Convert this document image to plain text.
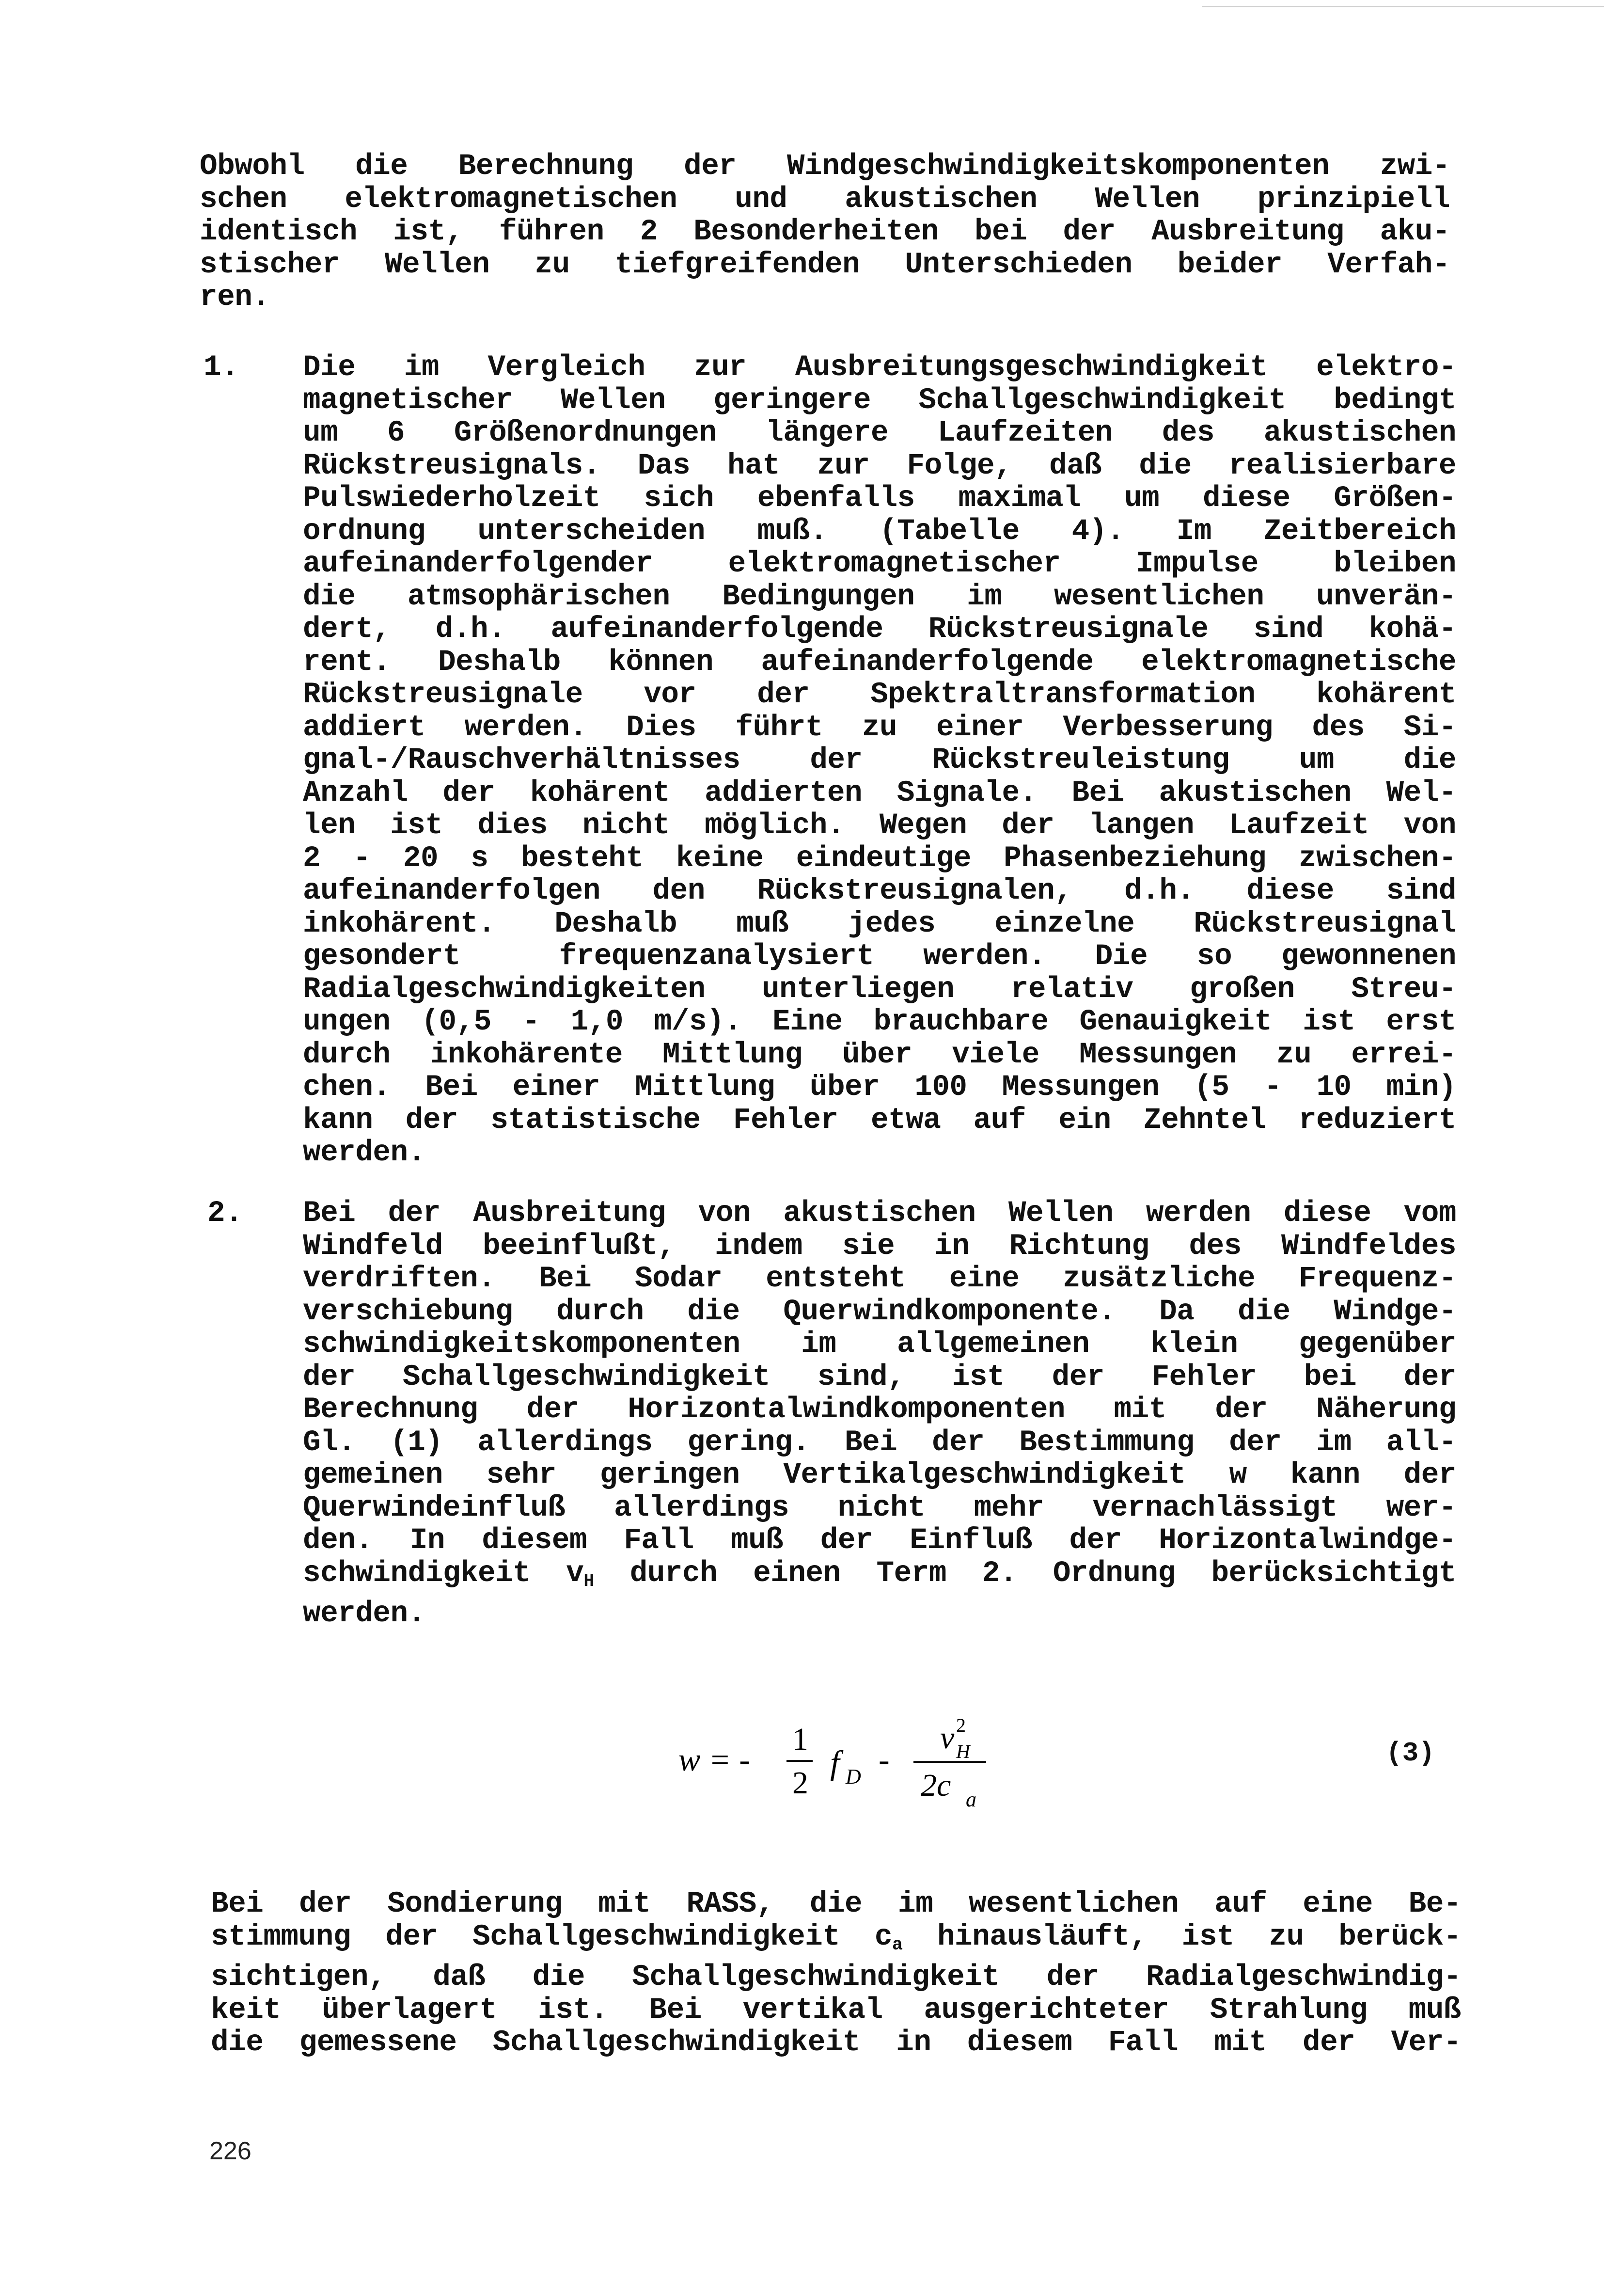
Obwohl die Berechnung der Windgeschwindigkeitskomponenten zwi-
schen elektromagnetischen und akustischen Wellen prinzipiell
identisch ist, führen 2 Besonderheiten bei der Ausbreitung aku-
stischer Wellen zu tiefgreifenden Unterschieden beider Verfah-
ren.
1. Die im Vergleich zur Ausbreitungsgeschwindigkeit elektro-
magnetischer Wellen geringere Schallgeschwindigkeit bedingt
um 6 Größenordnungen längere Laufzeiten des akustischen
Rückstreusignals. Das hat zur Folge, daß die realisierbare
Pulswiederholzeit sich ebenfalls maximal um diese Größen-
ordnung unterscheiden muß. (Tabelle 4). Im Zeitbereich
aufeinanderfolgender elektromagnetischer Impulse bleiben
die atmsophärischen Bedingungen im wesentlichen unverän-
dert, d.h. aufeinanderfolgende Rückstreusignale sind kohä-
rent. Deshalb können aufeinanderfolgende elektromagnetische
Rückstreusignale vor der Spektraltransformation kohärent
addiert werden. Dies führt zu einer Verbesserung des Si-
gnal-/Rauschverhältnisses der Rückstreuleistung um die
Anzahl der kohärent addierten Signale. Bei akustischen Wel-
len ist dies nicht möglich. Wegen der langen Laufzeit von
2 - 20 s besteht keine eindeutige Phasenbeziehung zwischen-
aufeinanderfolgen den Rückstreusignalen, d.h. diese sind
inkohärent. Deshalb muß jedes einzelne Rückstreusignal
gesondert  frequenzanalysiert werden. Die so gewonnenen
Radialgeschwindigkeiten unterliegen relativ großen Streu-
ungen (0,5 - 1,0 m/s). Eine brauchbare Genauigkeit ist erst
durch inkohärente Mittlung über viele Messungen zu errei-
chen. Bei einer Mittlung über 100 Messungen (5 - 10 min)
kann der statistische Fehler etwa auf ein Zehntel reduziert
werden.
2. Bei der Ausbreitung von akustischen Wellen werden diese vom
Windfeld beeinflußt, indem sie in Richtung des Windfeldes
verdriften. Bei Sodar entsteht eine zusätzliche Frequenz-
verschiebung durch die Querwindkomponente. Da die Windge-
schwindigkeitskomponenten im allgemeinen klein gegenüber
der Schallgeschwindigkeit sind, ist der Fehler bei der
Berechnung der Horizontalwindkomponenten mit der Näherung
Gl. (1) allerdings gering. Bei der Bestimmung der im all-
gemeinen sehr geringen Vertikalgeschwindigkeit w kann der
Querwindeinfluß allerdings nicht mehr vernachlässigt wer-
den. In diesem Fall muß der Einfluß der Horizontalwindge-
schwindigkeit $v_H$ durch einen Term 2. Ordnung berücksichtigt
werden.
w = -
1
2
f D -
v H
2
2c a
(3)
Bei der Sondierung mit RASS, die im wesentlichen auf eine Be-
stimmung der Schallgeschwindigkeit $c_a$ hinausläuft, ist zu berück-
sichtigen, daß die Schallgeschwindigkeit der Radialgeschwindig-
keit überlagert ist. Bei vertikal ausgerichteter Strahlung muß
die gemessene Schallgeschwindigkeit in diesem Fall mit der Ver-
226
